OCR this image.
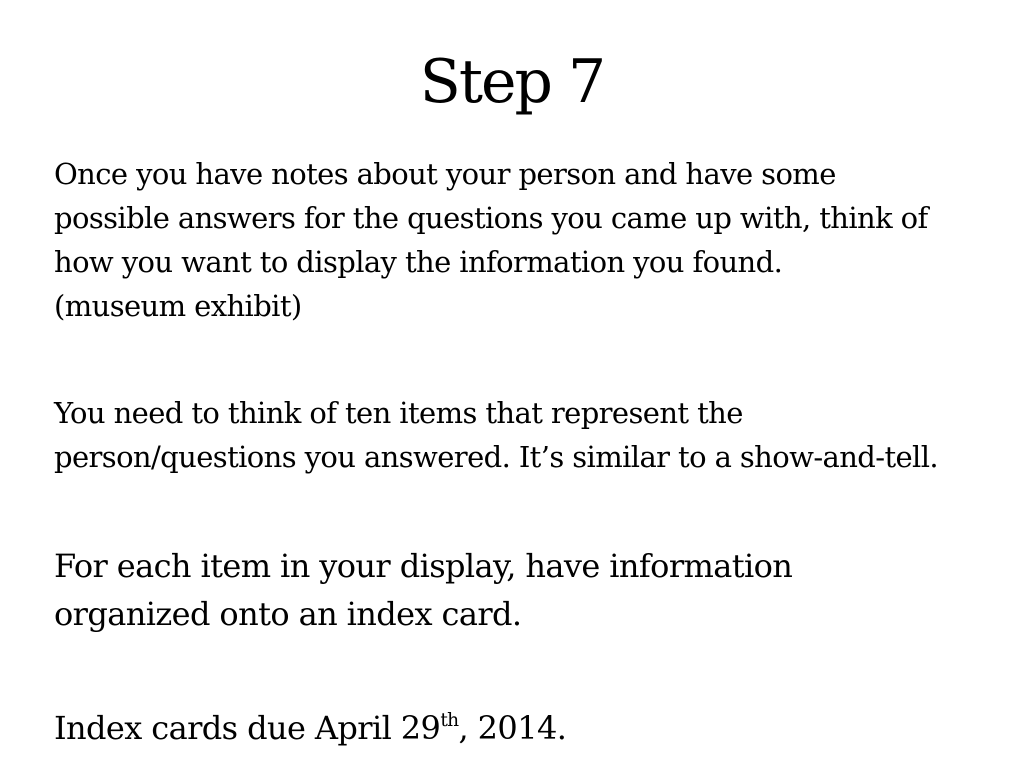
Step 7

Once you have notes about your person and have some
possible answers for the questions you came up with, think of
how you want to display the information you found.
(museum exhibit)

You need to think of ten items that represent the
person/questions you answered. It’s similar to a show-and-tell.

For each item in your display, have information
organized onto an index card.

Index cards due April 29th, 2014.
